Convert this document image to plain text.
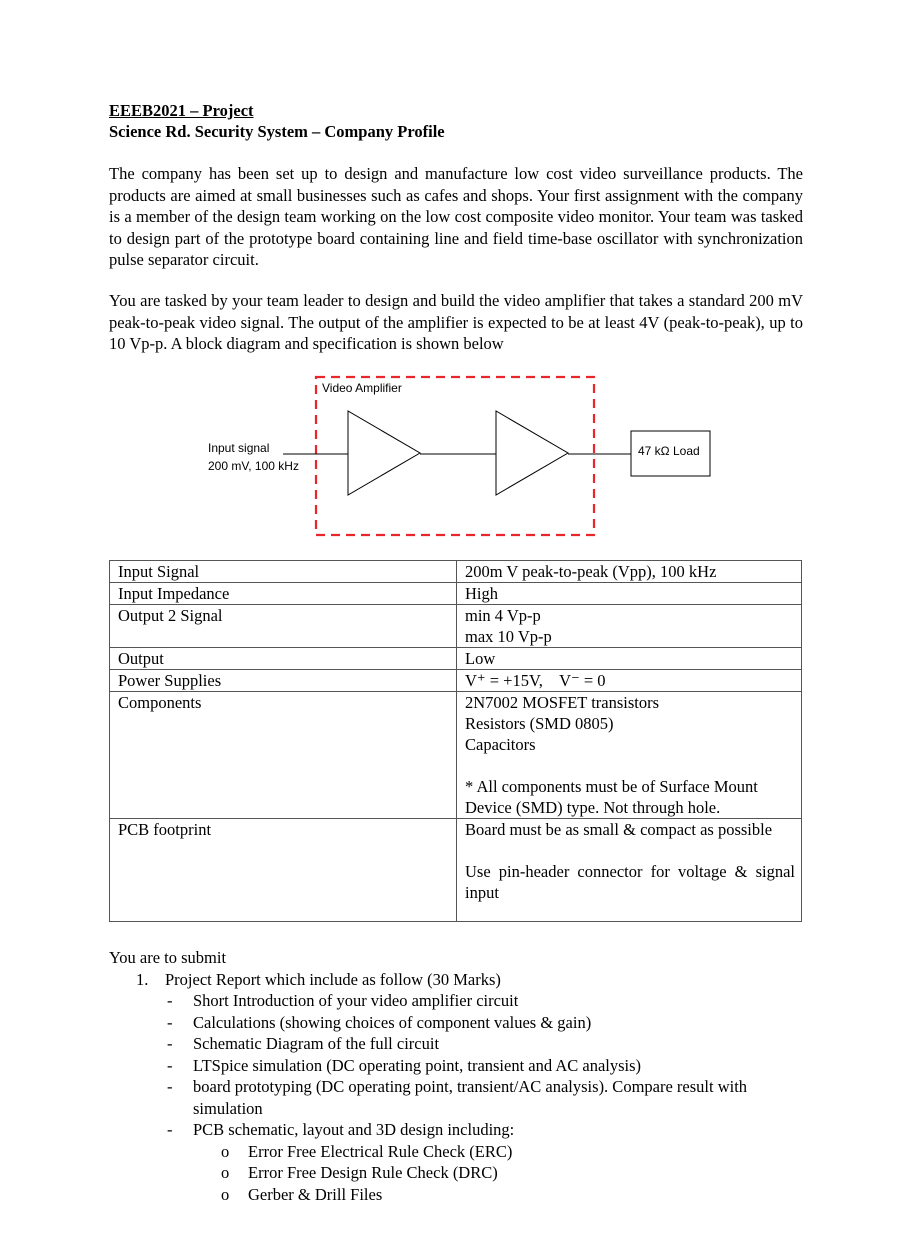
EEEB2021 – Project
Science Rd. Security System – Company Profile

The company has been set up to design and manufacture low cost video surveillance products. The products are aimed at small businesses such as cafes and shops. Your first assignment with the company is a member of the design team working on the low cost composite video monitor. Your team was tasked to design part of the prototype board containing line and field time-base oscillator with synchronization pulse separator circuit.

You are tasked by your team leader to design and build the video amplifier that takes a standard 200 mV peak-to-peak video signal. The output of the amplifier is expected to be at least 4V (peak-to-peak), up to 10 Vp-p. A block diagram and specification is shown below

Video Amplifier
Input signal
200 mV, 100 kHz
47 kΩ Load
Input Signal	200m V peak-to-peak (Vpp), 100 kHz
Input Impedance	High
Output 2 Signal	min 4 Vp-p
max 10 Vp-p

Output	Low
Power Supplies	V⁺ = +15V,    V⁻ = 0
Components	2N7002 MOSFET transistors
Resistors (SMD 0805)
Capacitors
* All components must be of Surface Mount Device (SMD) type. Not through hole.

PCB footprint	Board must be as small & compact as possible
Use pin-header connector for voltage & signal input
You are to submit
1. Project Report which include as follow (30 Marks)
- Short Introduction of your video amplifier circuit
- Calculations (showing choices of component values & gain)
- Schematic Diagram of the full circuit
- LTSpice simulation (DC operating point, transient and AC analysis)
- board prototyping (DC operating point, transient/AC analysis). Compare result with simulation
- PCB schematic, layout and 3D design including:
o Error Free Electrical Rule Check (ERC)
o Error Free Design Rule Check (DRC)
o Gerber & Drill Files
